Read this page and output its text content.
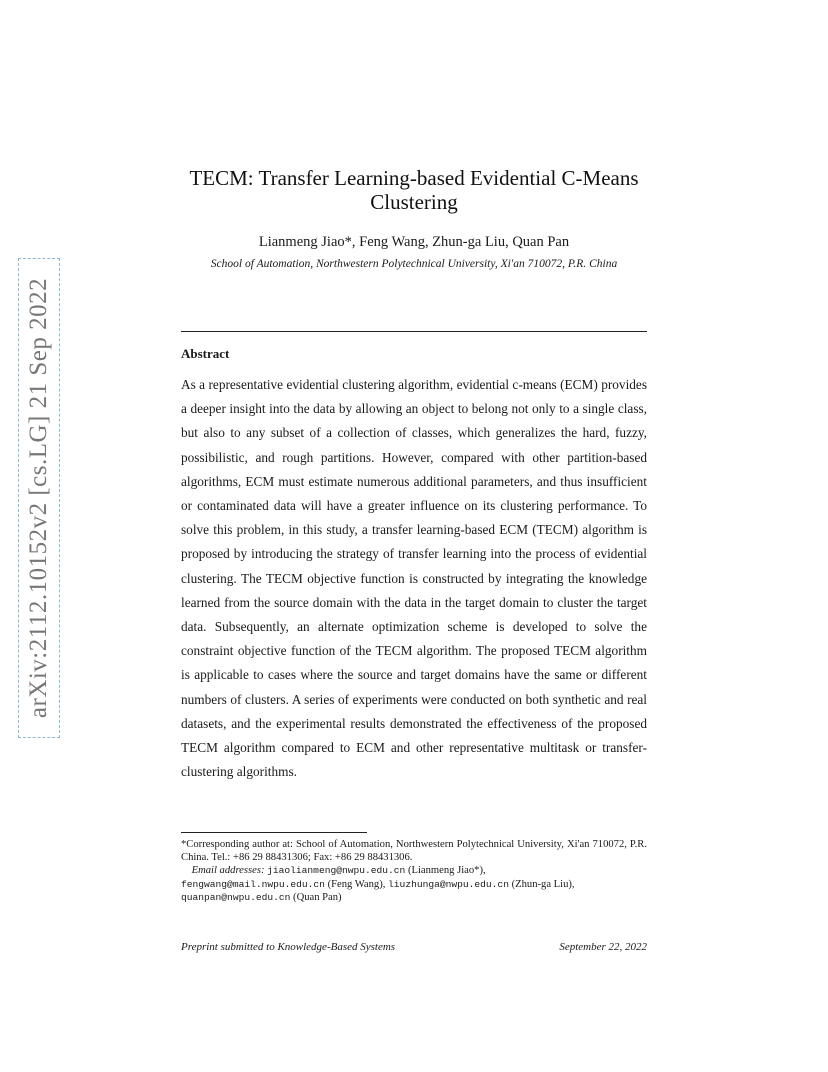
arXiv:2112.10152v2 [cs.LG] 21 Sep 2022
TECM: Transfer Learning-based Evidential C-Means
Clustering
Lianmeng Jiao*, Feng Wang, Zhun-ga Liu, Quan Pan
School of Automation, Northwestern Polytechnical University, Xi'an 710072, P.R. China
Abstract
As a representative evidential clustering algorithm, evidential c-means (ECM) provides a deeper insight into the data by allowing an object to belong not only to a single class, but also to any subset of a collection of classes, which generalizes the hard, fuzzy, possibilistic, and rough partitions. However, compared with other partition-based algorithms, ECM must estimate numerous additional parameters, and thus insufficient or contaminated data will have a greater influence on its clustering performance. To solve this problem, in this study, a transfer learning-based ECM (TECM) algorithm is proposed by introducing the strategy of transfer learning into the process of evidential clustering. The TECM objective function is constructed by integrating the knowledge learned from the source domain with the data in the target domain to cluster the target data. Subsequently, an alternate optimization scheme is developed to solve the constraint objective function of the TECM algorithm. The proposed TECM algorithm is applicable to cases where the source and target domains have the same or different numbers of clusters. A series of experiments were conducted on both synthetic and real datasets, and the experimental results demonstrated the effectiveness of the proposed TECM algorithm compared to ECM and other representative multitask or transfer-clustering algorithms.
*Corresponding author at: School of Automation, Northwestern Polytechnical University, Xi'an 710072, P.R. China. Tel.: +86 29 88431306; Fax: +86 29 88431306.
Email addresses: jiaolianmeng@nwpu.edu.cn (Lianmeng Jiao*),
fengwang@mail.nwpu.edu.cn (Feng Wang), liuzhunga@nwpu.edu.cn (Zhun-ga Liu),
quanpan@nwpu.edu.cn (Quan Pan)
Preprint submitted to Knowledge-Based Systems	September 22, 2022
